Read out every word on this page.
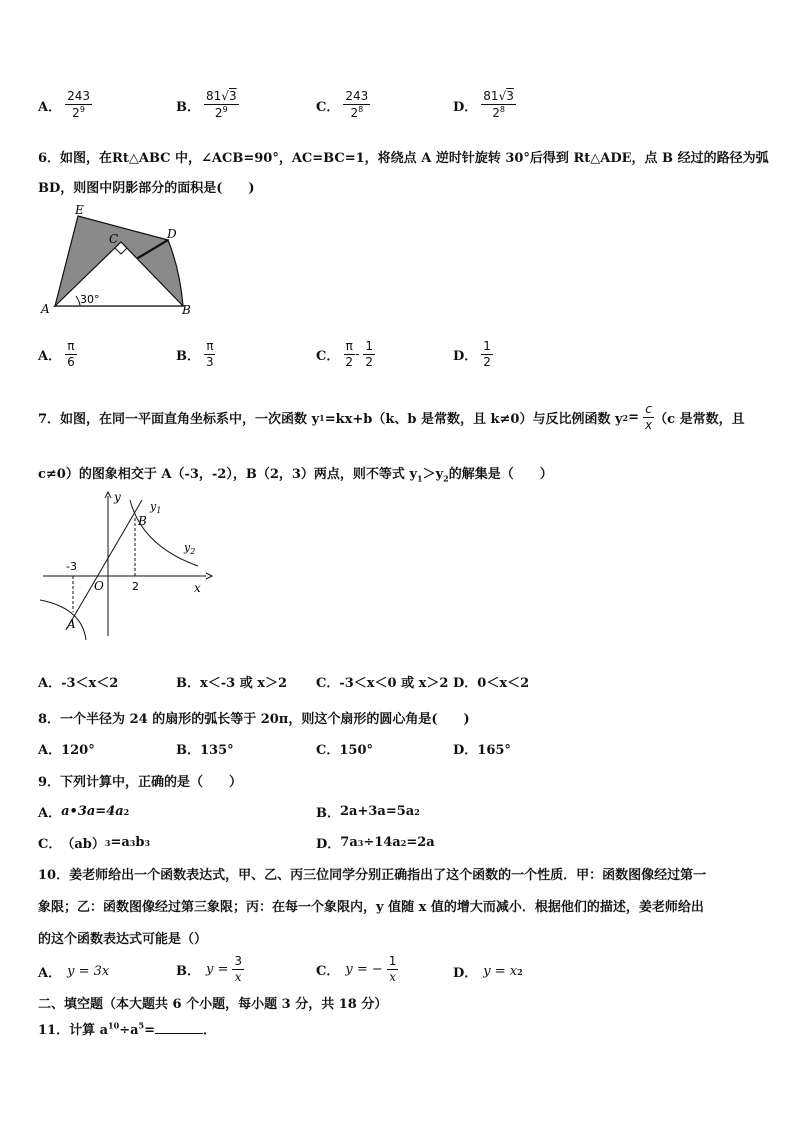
A． $\frac{243}{2^9}$	B． $\frac{81√3}{2^9}$	C． $\frac{243}{2^8}$	D． $\frac{81√3}{2^8}$
6．如图，在Rt△ABC 中，∠ACB=90°，AC=BC=1，将绕点 A 逆时针旋转 30°后得到 Rt△ADE，点 B 经过的路径为弧
BD，则图中阴影部分的面积是(　　)
E
C	D
A	B
30°
A． $\frac{\pi}{6}$	B． $\frac{\pi}{3}$	C． $\frac{\pi}{2} - \frac{1}{2}$	D． $\frac{1}{2}$
7．如图，在同一平面直角坐标系中，一次函数 y 1 =kx+b（k、b 是常数，且 k≠0）与反比例函数 y $2 = \frac{c}{x} (c$ 是常数，且
c≠0）的图象相交于 A（-3，-2），B（2，3）两点，则不等式 $y_1>y_2$的解集是（　　）
y
x
O
-3
2
B
A
$y_1$
$y_2$
A．-3＜x＜2	B．x＜-3 或 x＞2 C．-3＜x＜0 或 x＞2 D．0＜x＜2
8．一个半径为 24 的扇形的弧长等于 20π，则这个扇形的圆心角是(　　)
A．120°	B．135°	C．150°	D．165°
9．下列计算中，正确的是（　　）
A． a•3a=4a 2	B． 2a+3a=5a 2
C． （ab） 3 =a 3 b 3	D． 7a 3 ÷14a 2 =2a
10．姜老师给出一个函数表达式，甲、乙、丙三位同学分别正确指出了这个函数的一个性质．甲：函数图像经过第一
象限；乙：函数图像经过第三象限；丙：在每一个象限内，y 值随 x 值的增大而减小．根据他们的描述，姜老师给出
的这个函数表达式可能是（）
A． y = 3x	B． $y = \frac{3}{x}$	C． y = − $\frac{1}{x}$	D． y = x 2
二、填空题（本大题共 6 个小题，每小题 3 分，共 18 分）
11．计算 $a^{10}\div a^5=$	．
